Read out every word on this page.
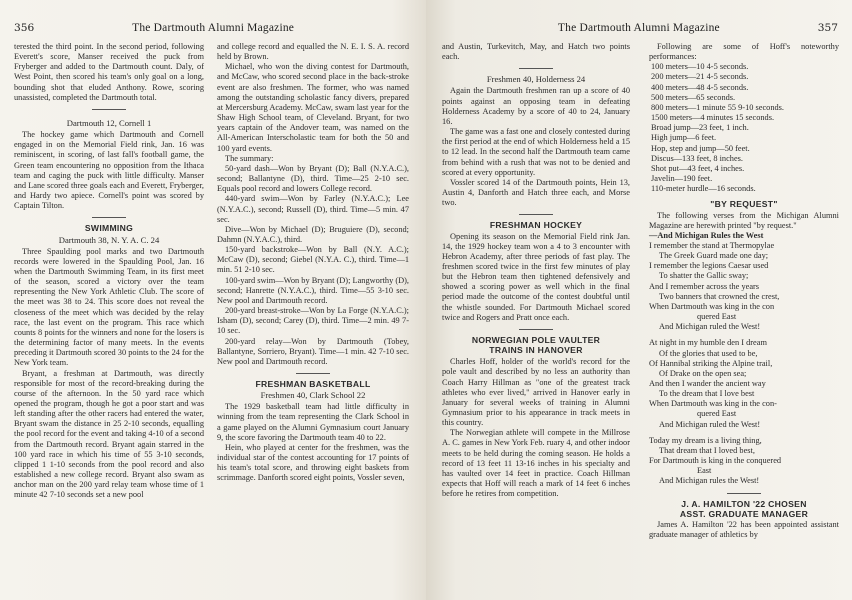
356	The Dartmouth Alumni Magazine

terested the third point. In the second period, following Everett's score, Manser received the puck from Fryberger and added to the Dartmouth count. Daly, of West Point, then scored his team's only goal on a long, bounding shot that eluded Anthony. Rowe, scoring unassisted, completed the Dartmouth total.

Dartmouth 12, Cornell 1

The hockey game which Dartmouth and Cornell engaged in on the Memorial Field rink, Jan. 16 was reminiscent, in scoring, of last fall's football game, the Green team encountering no opposition from the Ithaca team and caging the puck with little difficulty. Manser and Lane scored three goals each and Everett, Fryberger, and Hardy two apiece. Cornell's point was scored by Captain Tilton.

SWIMMING
Dartmouth 38, N. Y. A. C. 24

Three Spaulding pool marks and two Dartmouth records were lowered in the Spaulding Pool, Jan. 16 when the Dartmouth Swimming Team, in its first meet of the season, scored a victory over the team representing the New York Athletic Club. The score of the meet was 38 to 24. This score does not reveal the closeness of the meet which was decided by the relay race, the last event on the program. This race which counts 8 points for the winners and none for the losers is the determining factor of many meets. In the events preceding it Dartmouth scored 30 points to the 24 for the New York team.

Bryant, a freshman at Dartmouth, was directly responsible for most of the record-breaking during the course of the afternoon. In the 50 yard race which opened the program, though he got a poor start and was left standing after the other racers had entered the water, Bryant swam the distance in 25 2-10 seconds, equalling the pool record for the event and taking 4-10 of a second from the Dartmouth record. Bryant again starred in the 100 yard race in which his time of 55 3-10 seconds, clipped 1 1-10 seconds from the pool record and also established a new college record. Bryant also swam as anchor man on the 200 yard relay team whose time of 1 minute 42 7-10 seconds set a new pool

and college record and equalled the N. E. I. S. A. record held by Brown.

Michael, who won the diving contest for Dartmouth, and McCaw, who scored second place in the back-stroke event are also freshmen. The former, who was named among the outstanding scholastic fancy divers, prepared at Mercersburg Academy. McCaw, swam last year for the Shaw High School team, of Cleveland. Bryant, for two years captain of the Andover team, was named on the All-American Interscholastic team for both the 50 and 100 yard events.

The summary:

50-yard dash—Won by Bryant (D); Ball (N.Y.A.C.), second; Ballantyne (D), third. Time—25 2-10 sec. Equals pool record and lowers College record.

440-yard swim—Won by Farley (N.Y.A.C.); Lee (N.Y.A.C.), second; Russell (D), third. Time—5 min. 47 sec.

Dive—Won by Michael (D); Bruguiere (D), second; Dahmn (N.Y.A.C.), third.

150-yard backstroke—Won by Ball (N.Y. A.C.); McCaw (D), second; Giebel (N.Y.A. C.), third. Time—1 min. 51 2-10 sec.

100-yard swim—Won by Bryant (D); Langworthy (D), second; Hanrette (N.Y.A.C.), third. Time—55 3-10 sec. New pool and Dartmouth record.

200-yard breast-stroke—Won by La Forge (N.Y.A.C.); Isham (D), second; Carey (D), third. Time—2 min. 49 7-10 sec.

200-yard relay—Won by Dartmouth (Tobey, Ballantyne, Sorriero, Bryant). Time—1 min. 42 7-10 sec. New pool and Dartmouth record.

FRESHMAN BASKETBALL
Freshmen 40, Clark School 22

The 1929 basketball team had little difficulty in winning from the team representing the Clark School in a game played on the Alumni Gymnasium court January 9, the score favoring the Dartmouth team 40 to 22.

Hein, who played at center for the freshmen, was the individual star of the contest accounting for 17 points of his team's total score, and throwing eight baskets from scrimmage. Danforth scored eight points, Vossler seven,

The Dartmouth Alumni Magazine	357

and Austin, Turkevitch, May, and Hatch two points each.

Freshmen 40, Holderness 24

Again the Dartmouth freshmen ran up a score of 40 points against an opposing team in defeating Holderness Academy by a score of 40 to 24, January 16.

The game was a fast one and closely contested during the first period at the end of which Holderness held a 15 to 12 lead. In the second half the Dartmouth team came from behind with a rush that was not to be denied and scored at every opportunity.

Vossler scored 14 of the Dartmouth points, Hein 13, Austin 4, Danforth and Hatch three each, and Morse two.

FRESHMAN HOCKEY

Opening its season on the Memorial Field rink Jan. 14, the 1929 hockey team won a 4 to 3 encounter with Hebron Academy, after three periods of fast play. The freshmen scored twice in the first few minutes of play but the Hebron team then tightened defensively and showed a scoring power as well which in the final period made the outcome of the contest doubtful until the whistle sounded. For Dartmouth Michael scored twice and Rogers and Pratt once each.

NORWEGIAN POLE VAULTER
TRAINS IN HANOVER

Charles Hoff, holder of the world's record for the pole vault and described by no less an authority than Coach Harry Hillman as "one of the greatest track athletes who ever lived," arrived in Hanover early in January for several weeks of training in Alumni Gymnasium prior to his appearance in track meets in this country.

The Norwegian athlete will compete in the Millrose A. C. games in New York Feb. ruary 4, and other indoor meets to be held during the coming season. He holds a record of 13 feet 11 13-16 inches in his specialty and has vaulted over 14 feet in practice. Coach Hillman expects that Hoff will reach a mark of 14 feet 6 inches before he retires from competition.

Following are some of Hoff's noteworthy performances:

100 meters—10 4-5 seconds.

200 meters—21 4-5 seconds.

400 meters—48 4-5 seconds.

500 meters—65 seconds.

800 meters—1 minute 55 9-10 seconds.

1500 meters—4 minutes 15 seconds.

Broad jump—23 feet, 1 inch.

High jump—6 feet.

Hop, step and jump—50 feet.

Discus—133 feet, 8 inches.

Shot put—43 feet, 4 inches.

Javelin—190 feet.

110-meter hurdle—16 seconds.

"BY REQUEST"

The following verses from the Michigan Alumni Magazine are herewith printed "by request."

—And Michigan Rules the West

I remember the stand at Thermopylae

The Greek Guard made one day;

I remember the legions Caesar used

To shatter the Gallic sway;

And I remember across the years

Two banners that crowned the crest,

When Dartmouth was king in the con

quered East

And Michigan ruled the West!

At night in my humble den I dream

Of the glories that used to be,

Of Hannibal striking the Alpine trail,

Of Drake on the open sea;

And then I wander the ancient way

To the dream that I love best

When Dartmouth was king in the con-

quered East

And Michigan ruled the West!

Today my dream is a living thing,

That dream that I loved best,

For Dartmouth is king in the conquered

East

And Michigan rules the West!

J. A. HAMILTON '22 CHOSEN
ASST. GRADUATE MANAGER

James A. Hamilton '22 has been appointed assistant graduate manager of athletics by
